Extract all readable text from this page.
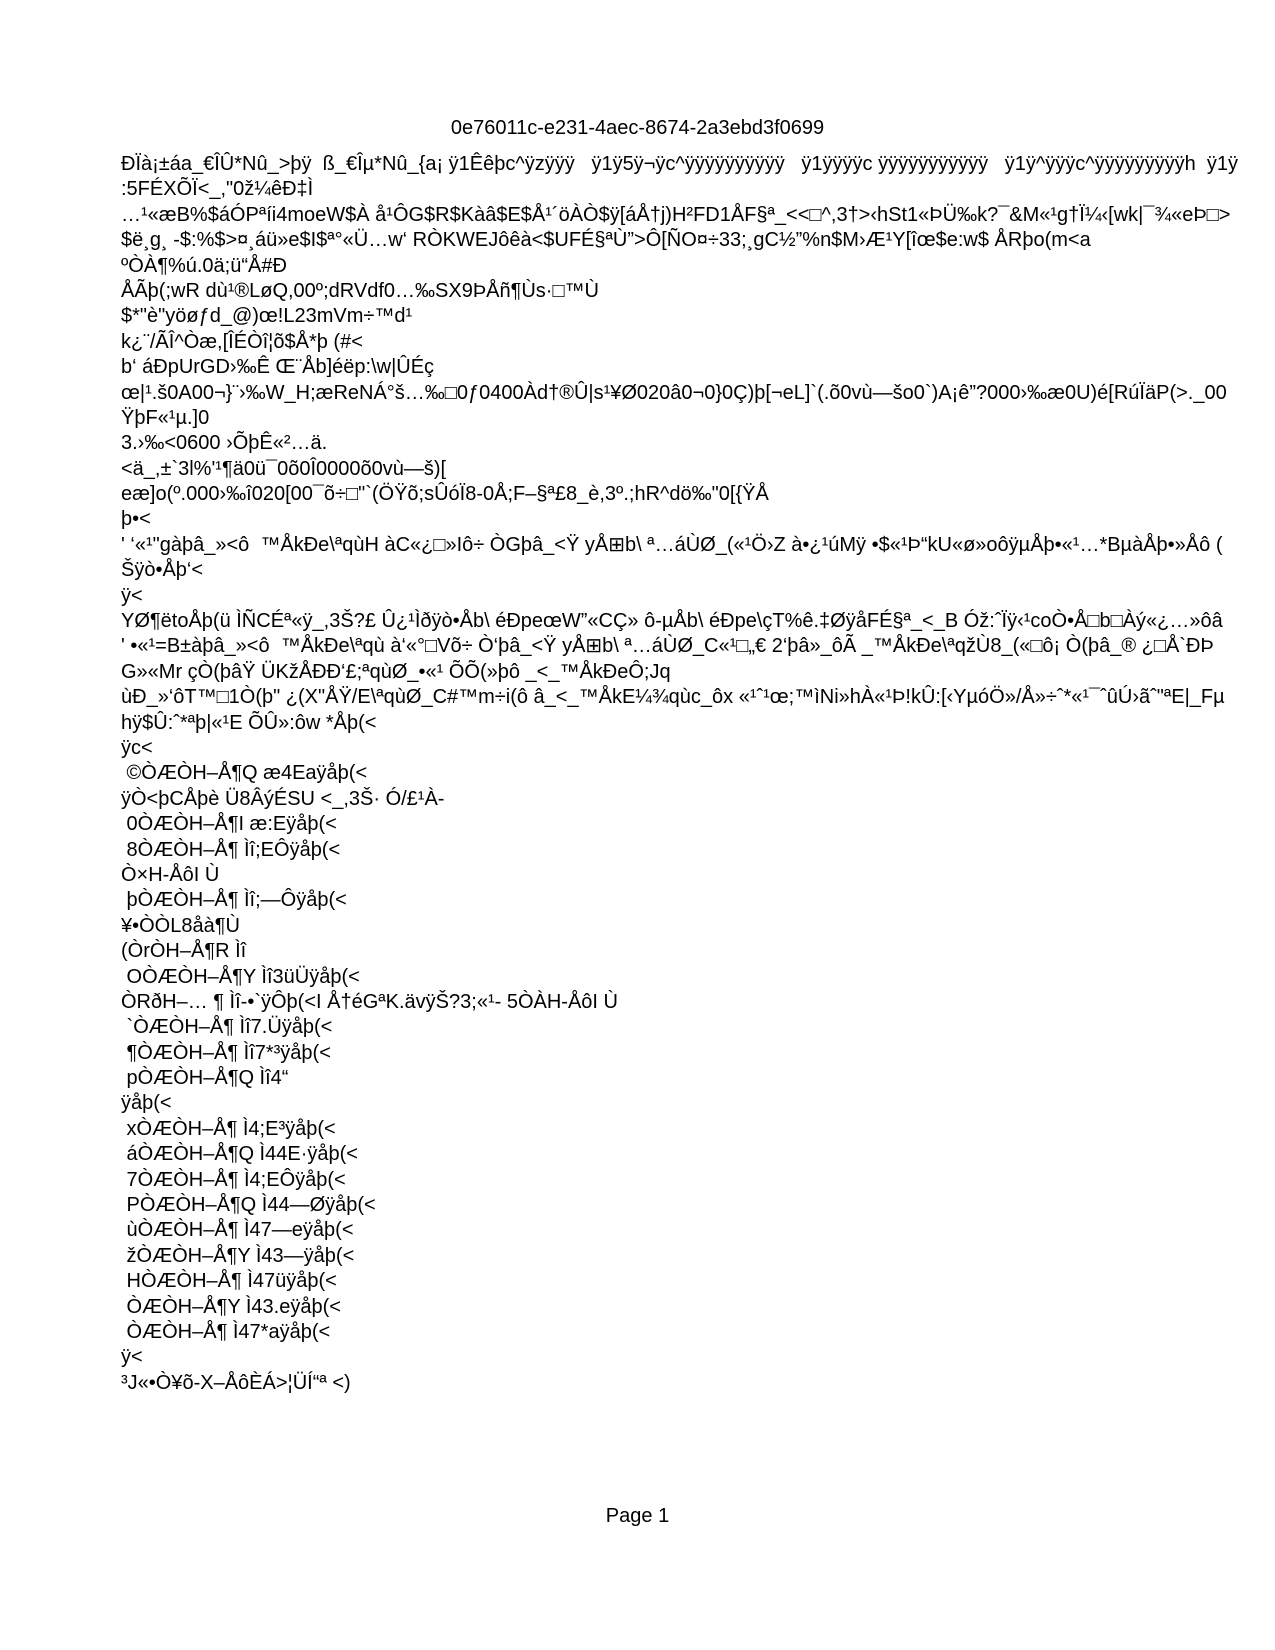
0e76011c-e231-4aec-8674-2a3ebd3f0699
ÐÏà¡±áa_€ÎÛ*Nû_>þÿ  ß_€Îµ*Nû_{a¡ ÿ1Êêþc^ÿzÿÿÿ   ÿ1ÿ5ÿ¬ÿc^ÿÿÿÿÿÿÿÿÿÿ   ÿ1ÿÿÿÿc ÿÿÿÿÿÿÿÿÿÿÿ   ÿ1ÿ^ÿÿÿc^ÿÿÿÿÿÿÿÿÿh  ÿ1ÿ
:5FÉXÕÏ<_,"0ž¼êÐ‡Ì
…¹«æB%$áÓPªíi4moeW$À å¹ÔG$R$Kàâ$E$Å¹´öÀÒ$ÿ[áÅ†j)H²FD1ÅF§ª_<<□^,3†>‹hSt1«ÞÜ‰k?¯&M«¹g†Ï¼‹[wk|¯¾«eÞ□>
$ë¸g¸ -$:%$>¤¸áü»e$I$ª°«Ü…w‘ RÒKWEJôêà<$UFÉ§ªÙ”>Ô[ÑO¤÷33;¸gC½”%n$M›Æ¹Y[îœ$e:w$ ÅRþo(m<a
ºÒÀ¶%ú.0ä;ü“Å#Ð
ÅÃþ(;wR dù¹®LøQ,00º;dRVdf0…‰SX9ÞÅñ¶Ùs·□™Ù
$*"è"yöøƒd_@)œ!L23mVm÷™d¹
k¿¨/ÃÎ^Òæ,[ÎÉÒî¦õ$Å*þ (#<
b‘ áÐpUrGD›‰Ê Œ¨Åb]éëp:\w|ÛÉç
œ|¹.š0A00¬}¨›‰W_H;æReNÁ°š…‰□0ƒ0400Àd†®Û|s¹¥Ø020â0¬0}0Ç)þ[¬eL]`(.õ0vù—šo0`)A¡ê”?000›‰æ0U)é[RúÏäP(>._00
ŸþF«¹µ.]0
3.›‰<0600 ›ÕþÊ«²…ä.
<ä_,±`3l%'¹¶ä0ü¯0õ0Î0000õ0vù—š)[
eæ]o(º.000›‰î020[00¯õ÷□"`(ÖŸõ;sÛóÏ8-0Å;F–§ª£8_è,3º.;hR^dö‰"0[{ŸÅ
þ•<
' ‘«¹"gàþâ_»<ô  ™ÅkÐe\ªqùH àC«¿□»Iô÷ ÒGþâ_<Ÿ yÅ⊞b\ ª…áÙØ_(«¹Ö›Z à•¿¹úMÿ •$«¹Þ“kU«ø»oôÿµÅþ•«¹…*BµàÅþ•»Åô (
Šÿò•Åþ‘<
ÿ<
YØ¶ëtoÅþ(ü ÌÑCÉª«ÿ_,3Š?£ Û¿¹Ìðÿò•Åb\ éÐpeœW”«CÇ» ô-µÅb\ éÐpe\çT%ê.‡ØÿåFÉ§ª_<_B Óž:ˆÏÿ‹¹coÒ•Å□b□Àý«¿…»ôâ
' •«¹=B±àþâ_»<ô  ™ÅkÐe\ªqù à‘«°□Võ÷ Ò‘þâ_<Ÿ yÅ⊞b\ ª…áÙØ_C«¹□„€ 2‘þâ»_ôÃ _™ÅkÐe\ªqžÙ8_(«□ô¡ Ò(þâ_® ¿□Å`ÐÞ
G»«Mr çÒ(þâŸ ÜKžÅÐÐ‘£;ªqùØ_•«¹ ÕÕ(»þô _<_™ÅkÐeÔ;Jq
ùÐ_»‘ôT™□1Ò(þ" ¿(X"ÅŸ/E\ªqùØ_C#™m÷i(ô â_<_™ÅkE¼¾qùc_ôx «¹ˆ¹œ;™ìNi»hÀ«¹Þ!kÛ:[‹YµóÖ»/Å»÷ˆ*«¹¯ˆûÚ›ãˆ"ªE|_Fµ
hÿ$Û:ˆ*ªþ|«¹E ÕÛ»:ôw *Åþ(<
ÿc<
©ÒÆÒH–Å¶Q æ4Eaÿåþ(<
ÿÒ<þCÅþè Ü8ÂýÉSU <_,3Š· Ó/£¹À-
0ÒÆÒH–Å¶I æ:Eÿåþ(<
8ÒÆÒH–Å¶ Ìî;EÔÿåþ(<
Ò×H-ÅôI Ù
þÒÆÒH–Å¶ Ìî;—Ôÿåþ(<
¥•ÒÒL8åà¶Ù
(ÒrÒH–Å¶R Ìî
OÒÆÒH–Å¶Y Ìî3üÜÿåþ(<
ÒRðH–… ¶ Ìî-•`ÿÔþ(<I Å†éGªK.ävÿŠ?3;«¹- 5ÒÀH-ÅôI Ù
`ÒÆÒH–Å¶ Ìî7.Üÿåþ(<
¶ÒÆÒH–Å¶ Ìî7*³ÿåþ(<
pÒÆÒH–Å¶Q Ìî4“
ÿåþ(<
xÒÆÒH–Å¶ Ì4;E³ÿåþ(<
áÒÆÒH–Å¶Q Ì44E·ÿåþ(<
7ÒÆÒH–Å¶ Ì4;EÔÿåþ(<
PÒÆÒH–Å¶Q Ì44—Øÿåþ(<
ùÒÆÒH–Å¶ Ì47—eÿåþ(<
žÒÆÒH–Å¶Y Ì43—ÿåþ(<
HÒÆÒH–Å¶ Ì47üÿåþ(<
ÒÆÒH–Å¶Y Ì43.eÿåþ(<
ÒÆÒH–Å¶ Ì47*aÿåþ(<
ÿ<
³J«•Ò¥õ-X–ÅôÈÁ>¦ÜÍ“ª <)
Page 1
